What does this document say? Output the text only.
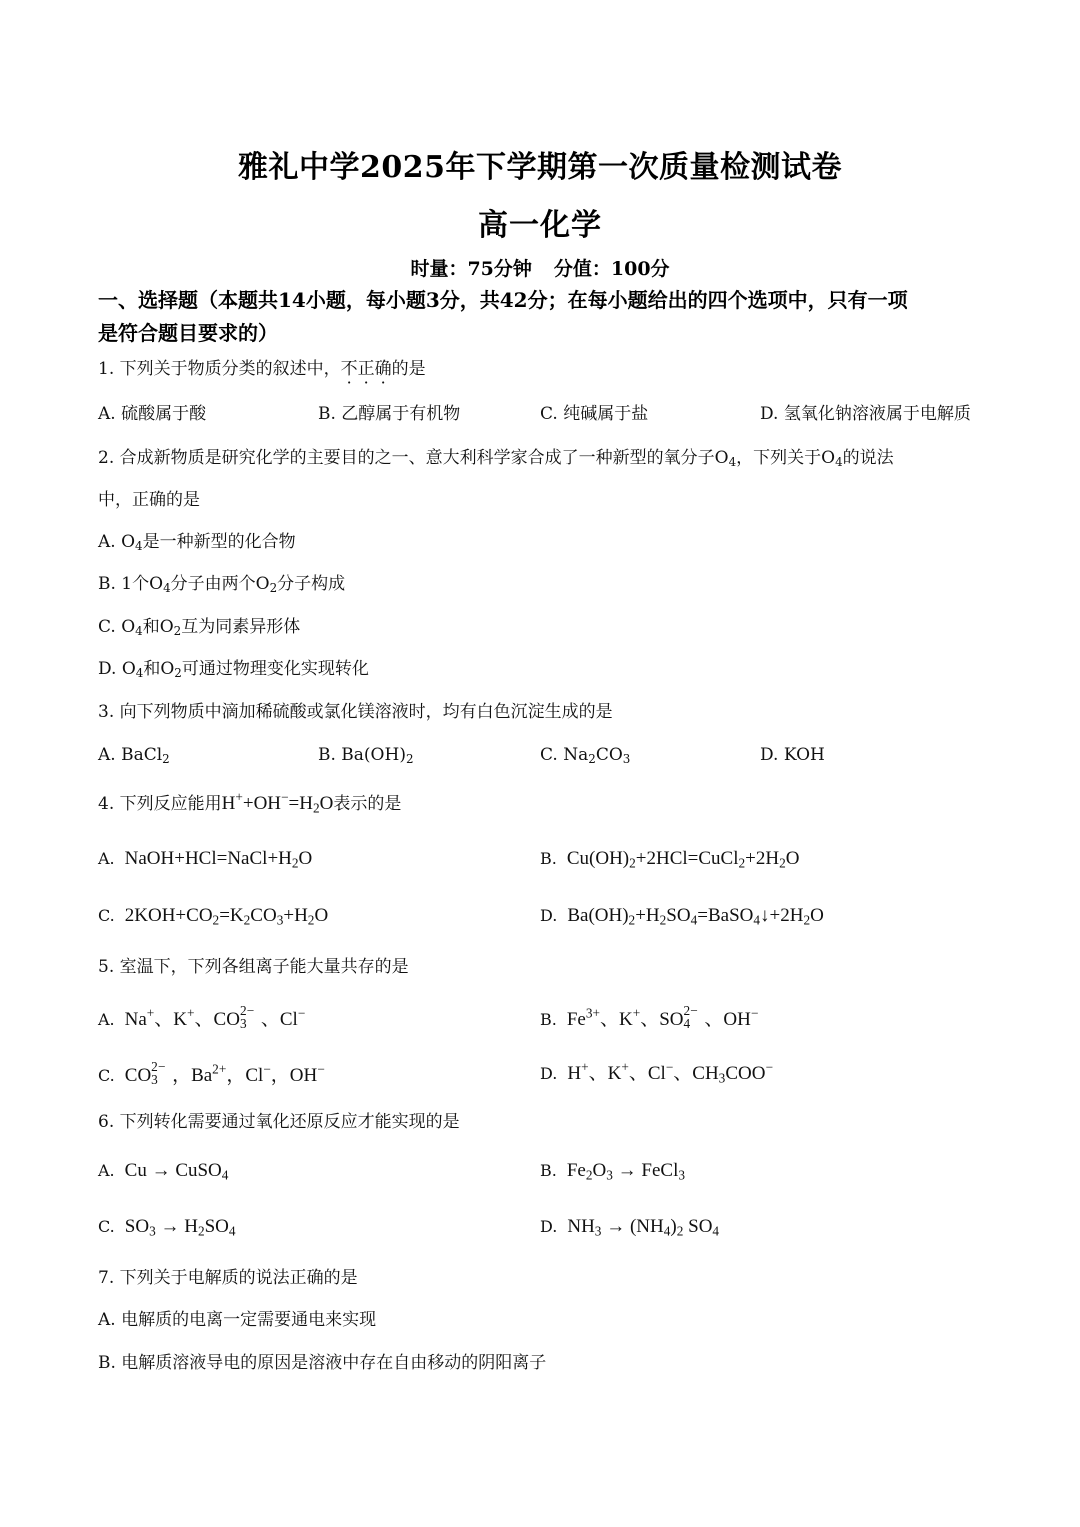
雅礼中学2025年下学期第一次质量检测试卷
高一化学
时量：75分钟 分值：100分
一、选择题（本题共14小题，每小题3分，共42分；在每小题给出的四个选项中，只有一项
是符合题目要求的）
1. 下列关于物质分类的叙述中，不正确的是
A. 硫酸属于酸	B. 乙醇属于有机物	C. 纯碱属于盐	D. 氢氧化钠溶液属于电解质
2. 合成新物质是研究化学的主要目的之一、意大利科学家合成了一种新型的氧分子$O_4$，下列关于$O_4$的说法
中，正确的是
A. $O_4$是一种新型的化合物
B. 1个$O_4$分子由两个$O_2$分子构成
C. $O_4$和$O_2$互为同素异形体
D. $O_4$和$O_2$可通过物理变化实现转化
3. 向下列物质中滴加稀硫酸或氯化镁溶液时，均有白色沉淀生成的是
A. BaCl$_2$	B. $Ba(OH)_2$	C. $Na_2CO_3$	D. KOH
4. 下列反应能用$H^++OH^-=H_2O$表示的是
A. $NaOH+HCl=NaCl+H_2O$	B. $Cu(OH)_2+2HCl=CuCl_2+2H_2O$
C. $2KOH+CO_2=K_2CO_3+H_2O$	D. $Ba(OH)_2+H_2SO_4=BaSO_4↓+2H_2O$
5. 室温下，下列各组离子能大量共存的是
A. Na+、K+、CO 2−
3 、Cl−	B. $Fe^{3+}$、K+、SO 2−
4 、OH−
C. CO 2−
3 ，$Ba^{2+}$，Cl−，OH−	D. H+、K+、Cl−、$CH_3COO^-$
6. 下列转化需要通过氧化还原反应才能实现的是
A. Cu → CuSO$_4$	B. $Fe_2O_3$ → FeCl$_3$
C. $SO_3 \to H_2SO_4$	D. $NH_3 \to (NH_4)_2$ $SO_4$
7. 下列关于电解质的说法正确的是
A. 电解质的电离一定需要通电来实现
B. 电解质溶液导电的原因是溶液中存在自由移动的阴阳离子
